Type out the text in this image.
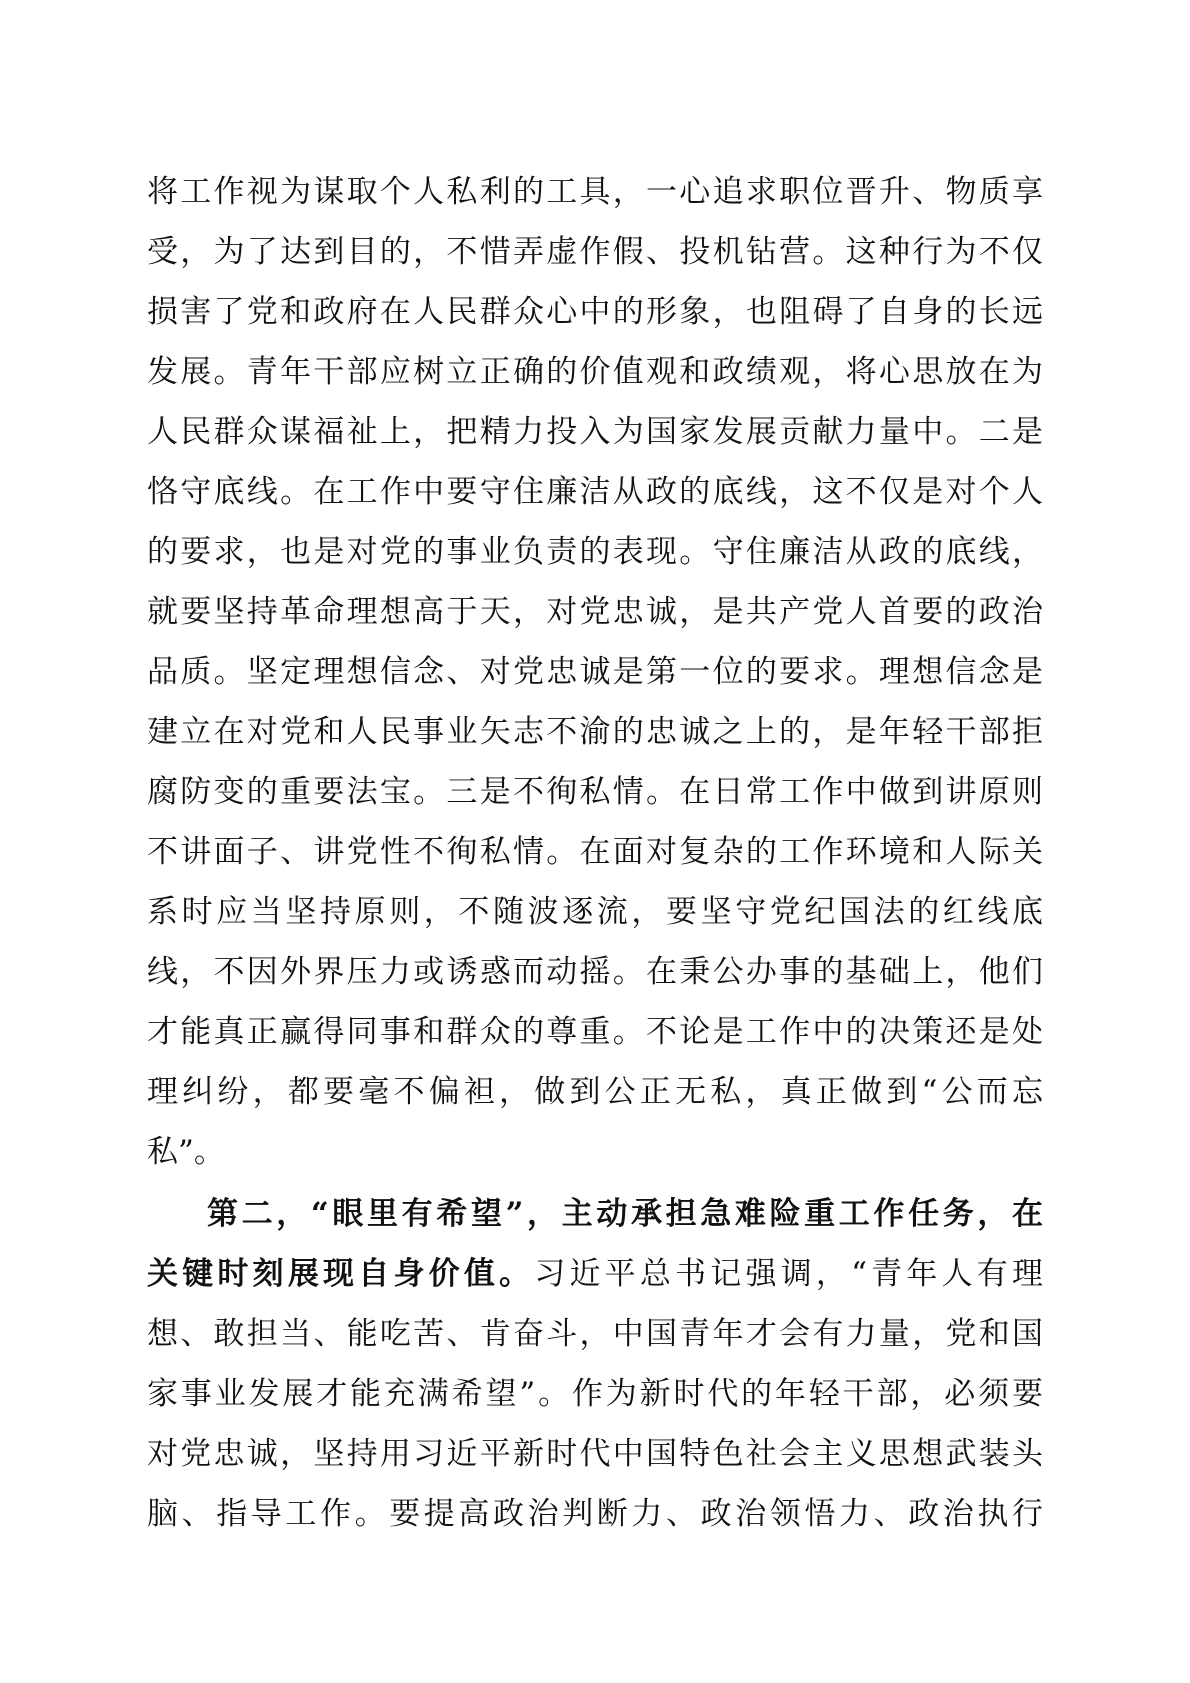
将工作视为谋取个人私利的工具，一心追求职位晋升、物质享
受，为了达到目的，不惜弄虚作假、投机钻营。这种行为不仅
损害了党和政府在人民群众心中的形象，也阻碍了自身的长远
发展。青年干部应树立正确的价值观和政绩观，将心思放在为
人民群众谋福祉上，把精力投入为国家发展贡献力量中。二是
恪守底线。在工作中要守住廉洁从政的底线，这不仅是对个人
的要求，也是对党的事业负责的表现。守住廉洁从政的底线，
就要坚持革命理想高于天，对党忠诚，是共产党人首要的政治
品质。坚定理想信念、对党忠诚是第一位的要求。理想信念是
建立在对党和人民事业矢志不渝的忠诚之上的，是年轻干部拒
腐防变的重要法宝。三是不徇私情。在日常工作中做到讲原则
不讲面子、讲党性不徇私情。在面对复杂的工作环境和人际关
系时应当坚持原则，不随波逐流，要坚守党纪国法的红线底
线，不因外界压力或诱惑而动摇。在秉公办事的基础上，他们
才能真正赢得同事和群众的尊重。不论是工作中的决策还是处
理纠纷，都要毫不偏袒，做到公正无私，真正做到“公而忘
私”。
第二，“眼里有希望”，主动承担急难险重工作任务，在
关键时刻展现自身价值。习近平总书记强调，“青年人有理
想、敢担当、能吃苦、肯奋斗，中国青年才会有力量，党和国
家事业发展才能充满希望”。作为新时代的年轻干部，必须要
对党忠诚，坚持用习近平新时代中国特色社会主义思想武装头
脑、指导工作。要提高政治判断力、政治领悟力、政治执行
